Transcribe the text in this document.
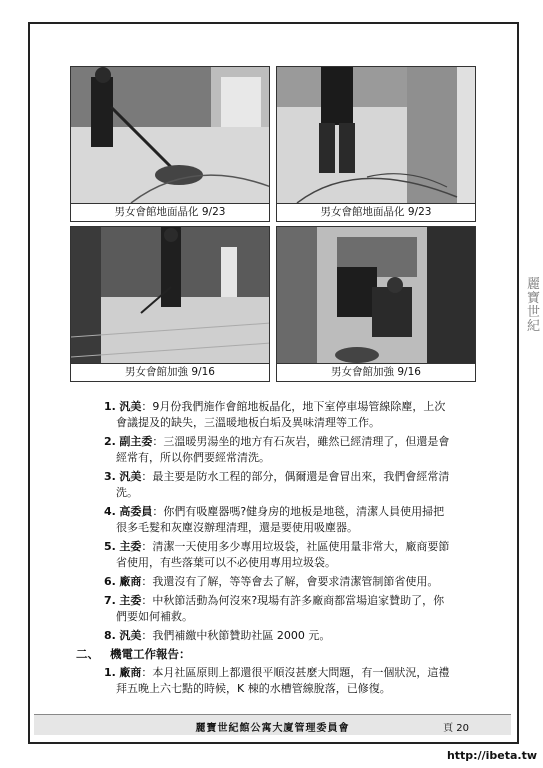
男女會館地面晶化 9/23	男女會館地面晶化 9/23
男女會館加強 9/16	男女會館加強 9/16
1. 汎美：9月份我們施作會館地板晶化，地下室停車場管線除塵，上次
會議提及的缺失，三溫暖地板白垢及異味清理等工作。
2. 副主委：三溫暖男湯坐的地方有石灰岩，雖然已經清理了，但還是會
經常有，所以你們要經常清洗。
3. 汎美：最主要是防水工程的部分，偶爾還是會冒出來，我們會經常清
洗。
4. 高委員：你們有吸塵器嗎?健身房的地板是地毯，清潔人員使用掃把
很多毛髮和灰塵沒辦理清理，還是要使用吸塵器。
5. 主委：清潔一天使用多少專用垃圾袋，社區使用量非常大，廠商要節
省使用，有些落葉可以不必使用專用垃圾袋。
6. 廠商：我還沒有了解，等等會去了解，會要求清潔管制節省使用。
7. 主委：中秋節活動為何沒來?現場有許多廠商都當場追家贊助了，你
們要如何補救。
8. 汎美：我們補繳中秋節贊助社區 2000 元。
二、 機電工作報告：
1. 廠商：本月社區原則上都還很平順沒甚麼大問題，有一個狀況，這禮
拜五晚上六七點的時候，K 棟的水槽管線脫落，已修復。
麗寶世紀館公寓大廈管理委員會	頁 20
麗寶世紀
http://ibeta.tw
